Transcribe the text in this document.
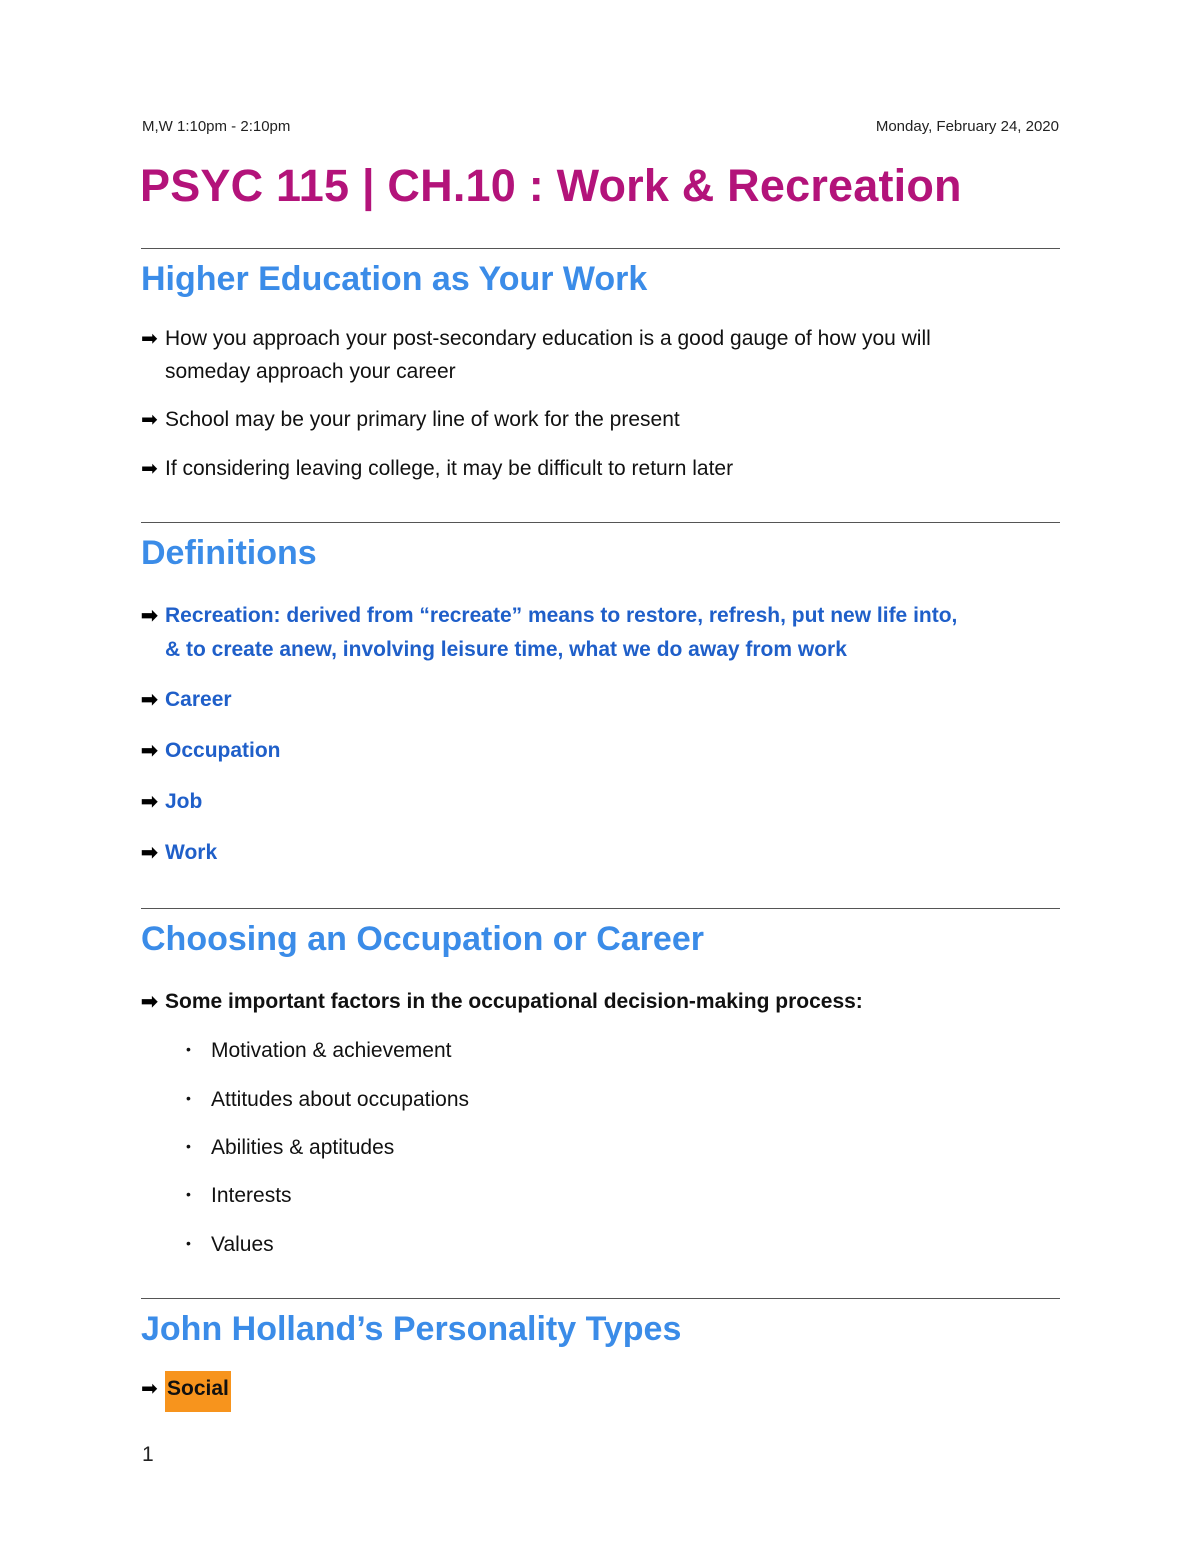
M,W 1:10pm - 2:10pm	Monday, February 24, 2020
PSYC 115 | CH.10 : Work & Recreation
Higher Education as Your Work
➡ How you approach your post-secondary education is a good gauge of how you will
someday approach your career
➡ School may be your primary line of work for the present
➡ If considering leaving college, it may be difficult to return later
Definitions
➡ Recreation: derived from “recreate” means to restore, refresh, put new life into,
& to create anew, involving leisure time, what we do away from work
➡ Career
➡ Occupation
➡ Job
➡ Work
Choosing an Occupation or Career
➡ Some important factors in the occupational decision-making process:
• Motivation & achievement
• Attitudes about occupations
• Abilities & aptitudes
• Interests
• Values
John Holland’s Personality Types
➡ Social
1
